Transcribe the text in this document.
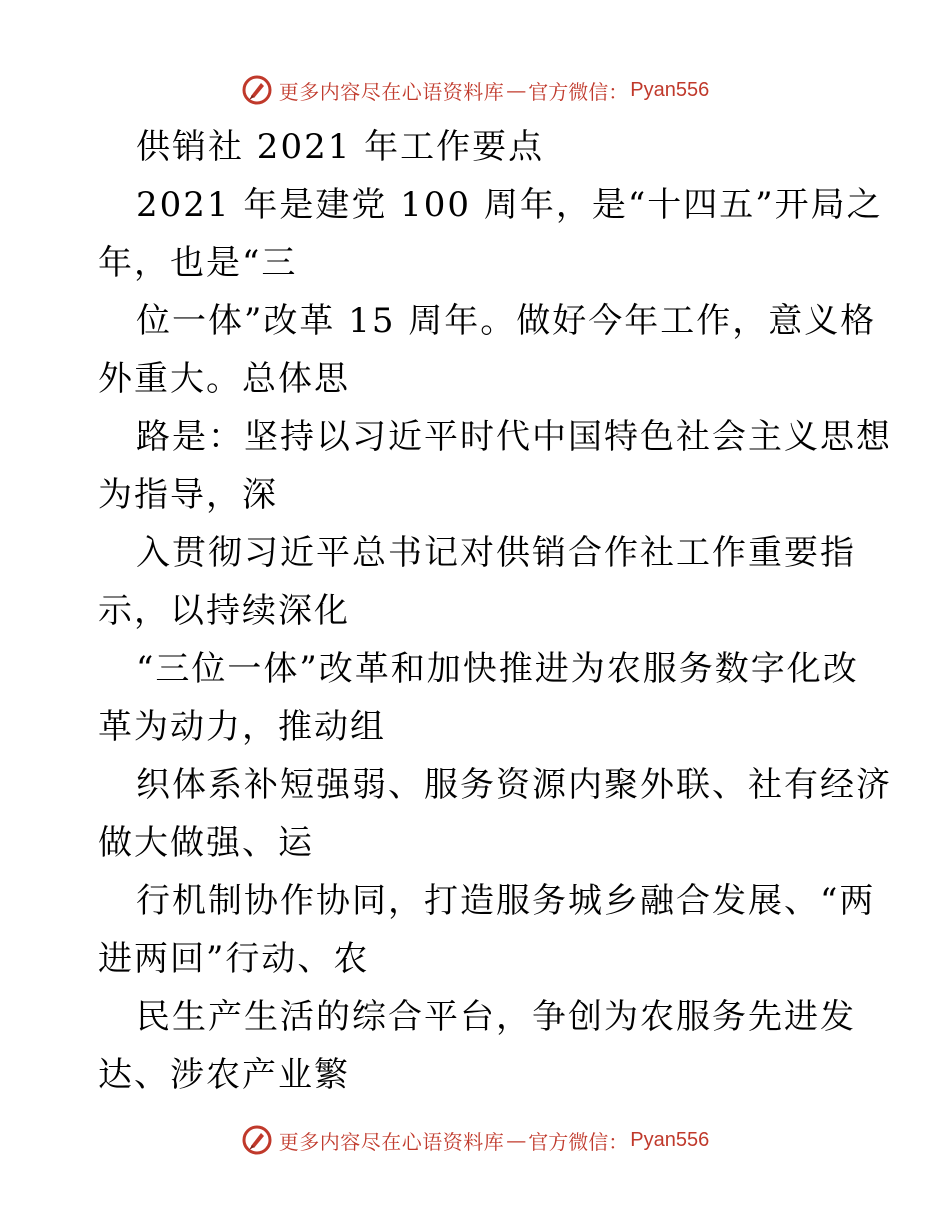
更多内容尽在心语资料库 — 官方微信： Pyan556
供销社 2021 年工作要点
2021 年是建党 100 周年，是“十四五”开局之
年，也是“三
位一体”改革 15 周年。做好今年工作，意义格
外重大。总体思
路是：坚持以习近平时代中国特色社会主义思想
为指导，深
入贯彻习近平总书记对供销合作社工作重要指
示，以持续深化
“三位一体”改革和加快推进为农服务数字化改
革为动力，推动组
织体系补短强弱、服务资源内聚外联、社有经济
做大做强、运
行机制协作协同，打造服务城乡融合发展、“两
进两回”行动、农
民生产生活的综合平台，争创为农服务先进发
达、涉农产业繁
更多内容尽在心语资料库 — 官方微信： Pyan556
